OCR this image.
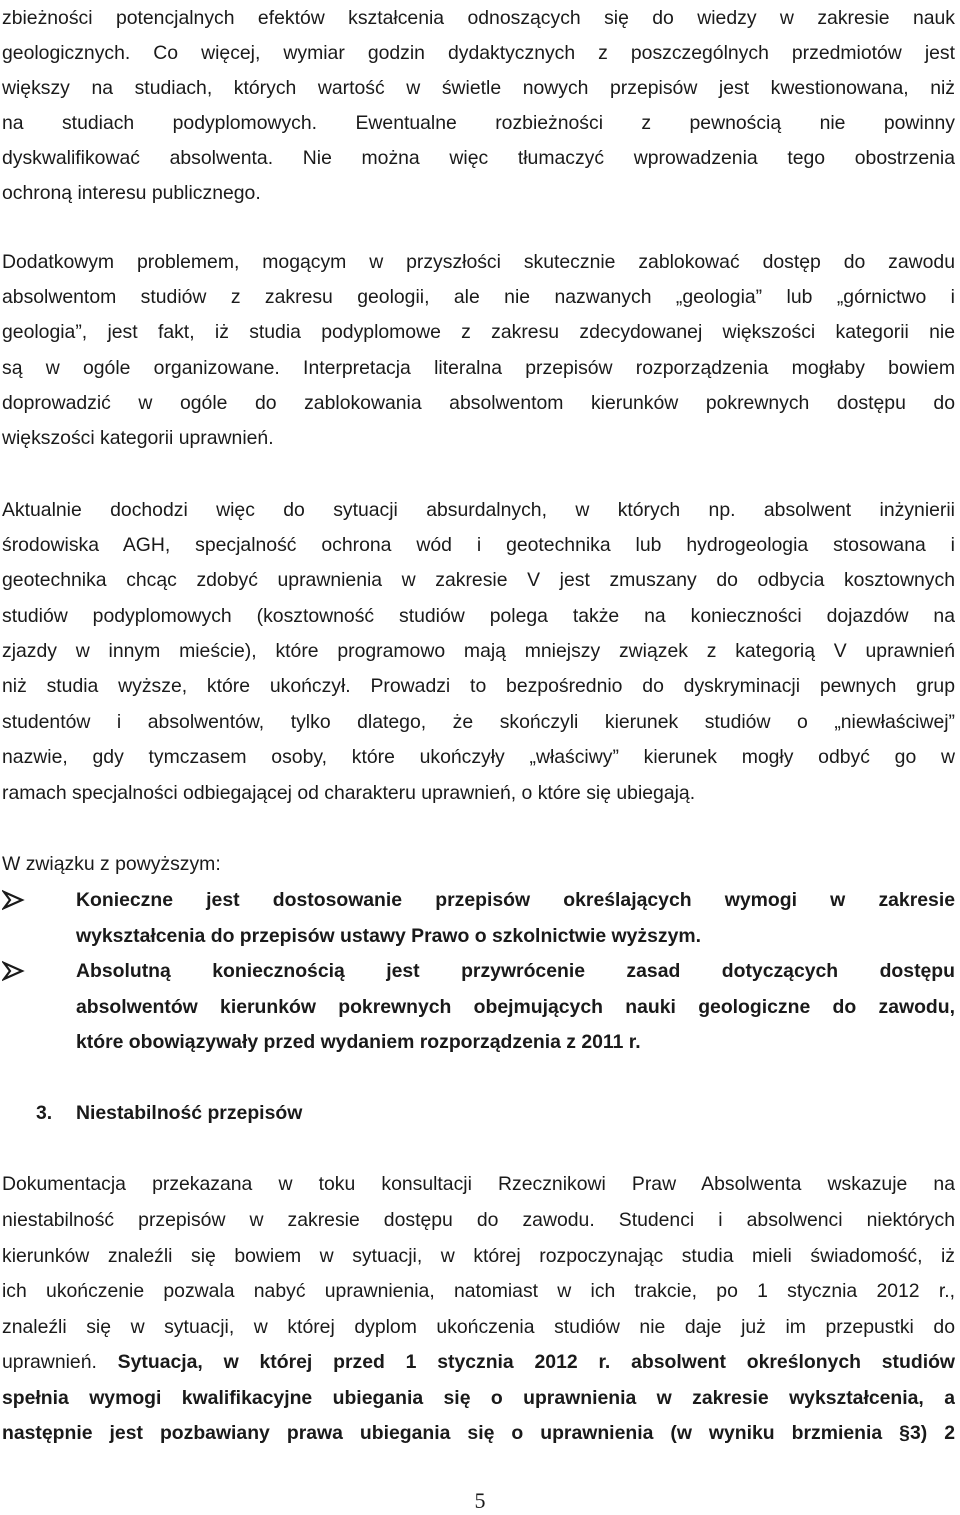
zbieżności potencjalnych efektów kształcenia odnoszących się do wiedzy w zakresie nauk
geologicznych. Co więcej, wymiar godzin dydaktycznych z poszczególnych przedmiotów jest
większy na studiach, których wartość w świetle nowych przepisów jest kwestionowana, niż
na studiach podyplomowych. Ewentualne rozbieżności z pewnością nie powinny
dyskwalifikować absolwenta. Nie można więc tłumaczyć wprowadzenia tego obostrzenia
ochroną interesu publicznego.
Dodatkowym problemem, mogącym w przyszłości skutecznie zablokować dostęp do zawodu
absolwentom studiów z zakresu geologii, ale nie nazwanych „geologia” lub „górnictwo i
geologia”, jest fakt, iż studia podyplomowe z zakresu zdecydowanej większości kategorii nie
są w ogóle organizowane. Interpretacja literalna przepisów rozporządzenia mogłaby bowiem
doprowadzić w ogóle do zablokowania absolwentom kierunków pokrewnych dostępu do
większości kategorii uprawnień.
Aktualnie dochodzi więc do sytuacji absurdalnych, w których np. absolwent inżynierii
środowiska AGH, specjalność ochrona wód i geotechnika lub hydrogeologia stosowana i
geotechnika chcąc zdobyć uprawnienia w zakresie V jest zmuszany do odbycia kosztownych
studiów podyplomowych (kosztowność studiów polega także na konieczności dojazdów na
zjazdy w innym mieście), które programowo mają mniejszy związek z kategorią V uprawnień
niż studia wyższe, które ukończył. Prowadzi to bezpośrednio do dyskryminacji pewnych grup
studentów i absolwentów, tylko dlatego, że skończyli kierunek studiów o „niewłaściwej”
nazwie, gdy tymczasem osoby, które ukończyły „właściwy” kierunek mogły odbyć go w
ramach specjalności odbiegającej od charakteru uprawnień, o które się ubiegają.
W związku z powyższym:
Konieczne jest dostosowanie przepisów określających wymogi w zakresie
wykształcenia do przepisów ustawy Prawo o szkolnictwie wyższym.
Absolutną koniecznością jest przywrócenie zasad dotyczących dostępu
absolwentów kierunków pokrewnych obejmujących nauki geologiczne do zawodu,
które obowiązywały przed wydaniem rozporządzenia z 2011 r.
3. Niestabilność przepisów
Dokumentacja przekazana w toku konsultacji Rzecznikowi Praw Absolwenta wskazuje na
niestabilność przepisów w zakresie dostępu do zawodu. Studenci i absolwenci niektórych
kierunków znaleźli się bowiem w sytuacji, w której rozpoczynając studia mieli świadomość, iż
ich ukończenie pozwala nabyć uprawnienia, natomiast w ich trakcie, po 1 stycznia 2012 r.,
znaleźli się w sytuacji, w której dyplom ukończenia studiów nie daje już im przepustki do
uprawnień. Sytuacja, w której przed 1 stycznia 2012 r. absolwent określonych studiów
spełnia wymogi kwalifikacyjne ubiegania się o uprawnienia w zakresie wykształcenia, a
następnie jest pozbawiany prawa ubiegania się o uprawnienia (w wyniku brzmienia §3) 2
5
